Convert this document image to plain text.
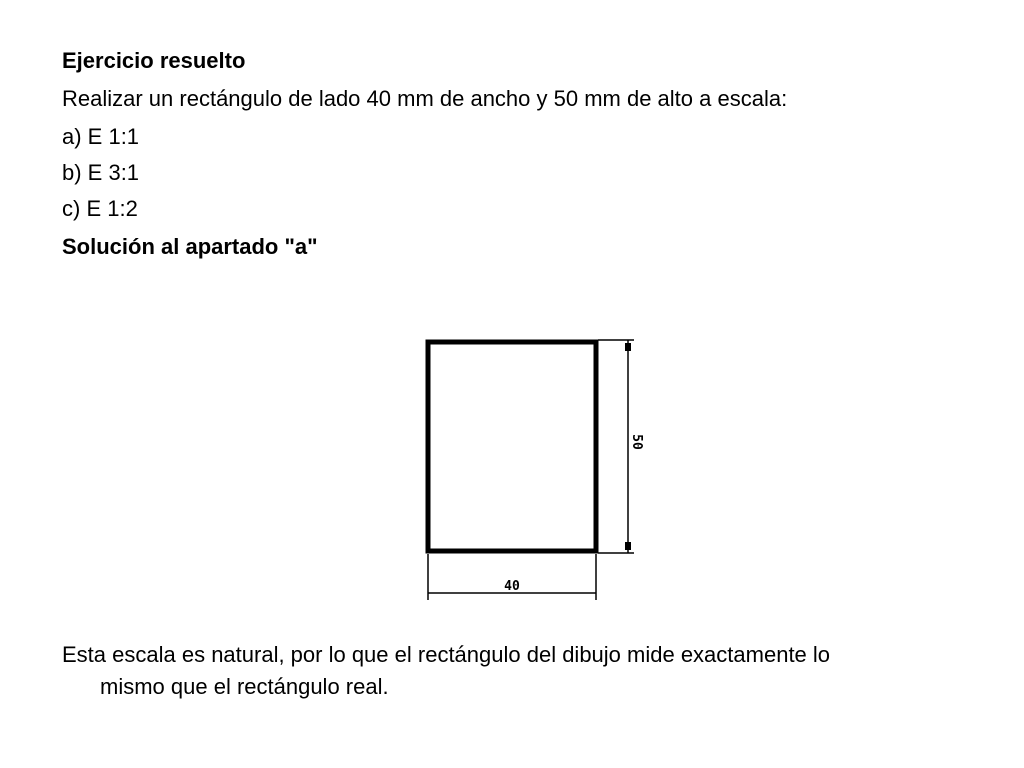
Ejercicio resuelto
Realizar un rectángulo de lado 40 mm de ancho y 50 mm de alto a escala:
a) E 1:1
b) E 3:1
c) E 1:2
Solución al apartado "a"
50
40
Esta escala es natural, por lo que el rectángulo del dibujo mide exactamente lo
mismo que el rectángulo real.
